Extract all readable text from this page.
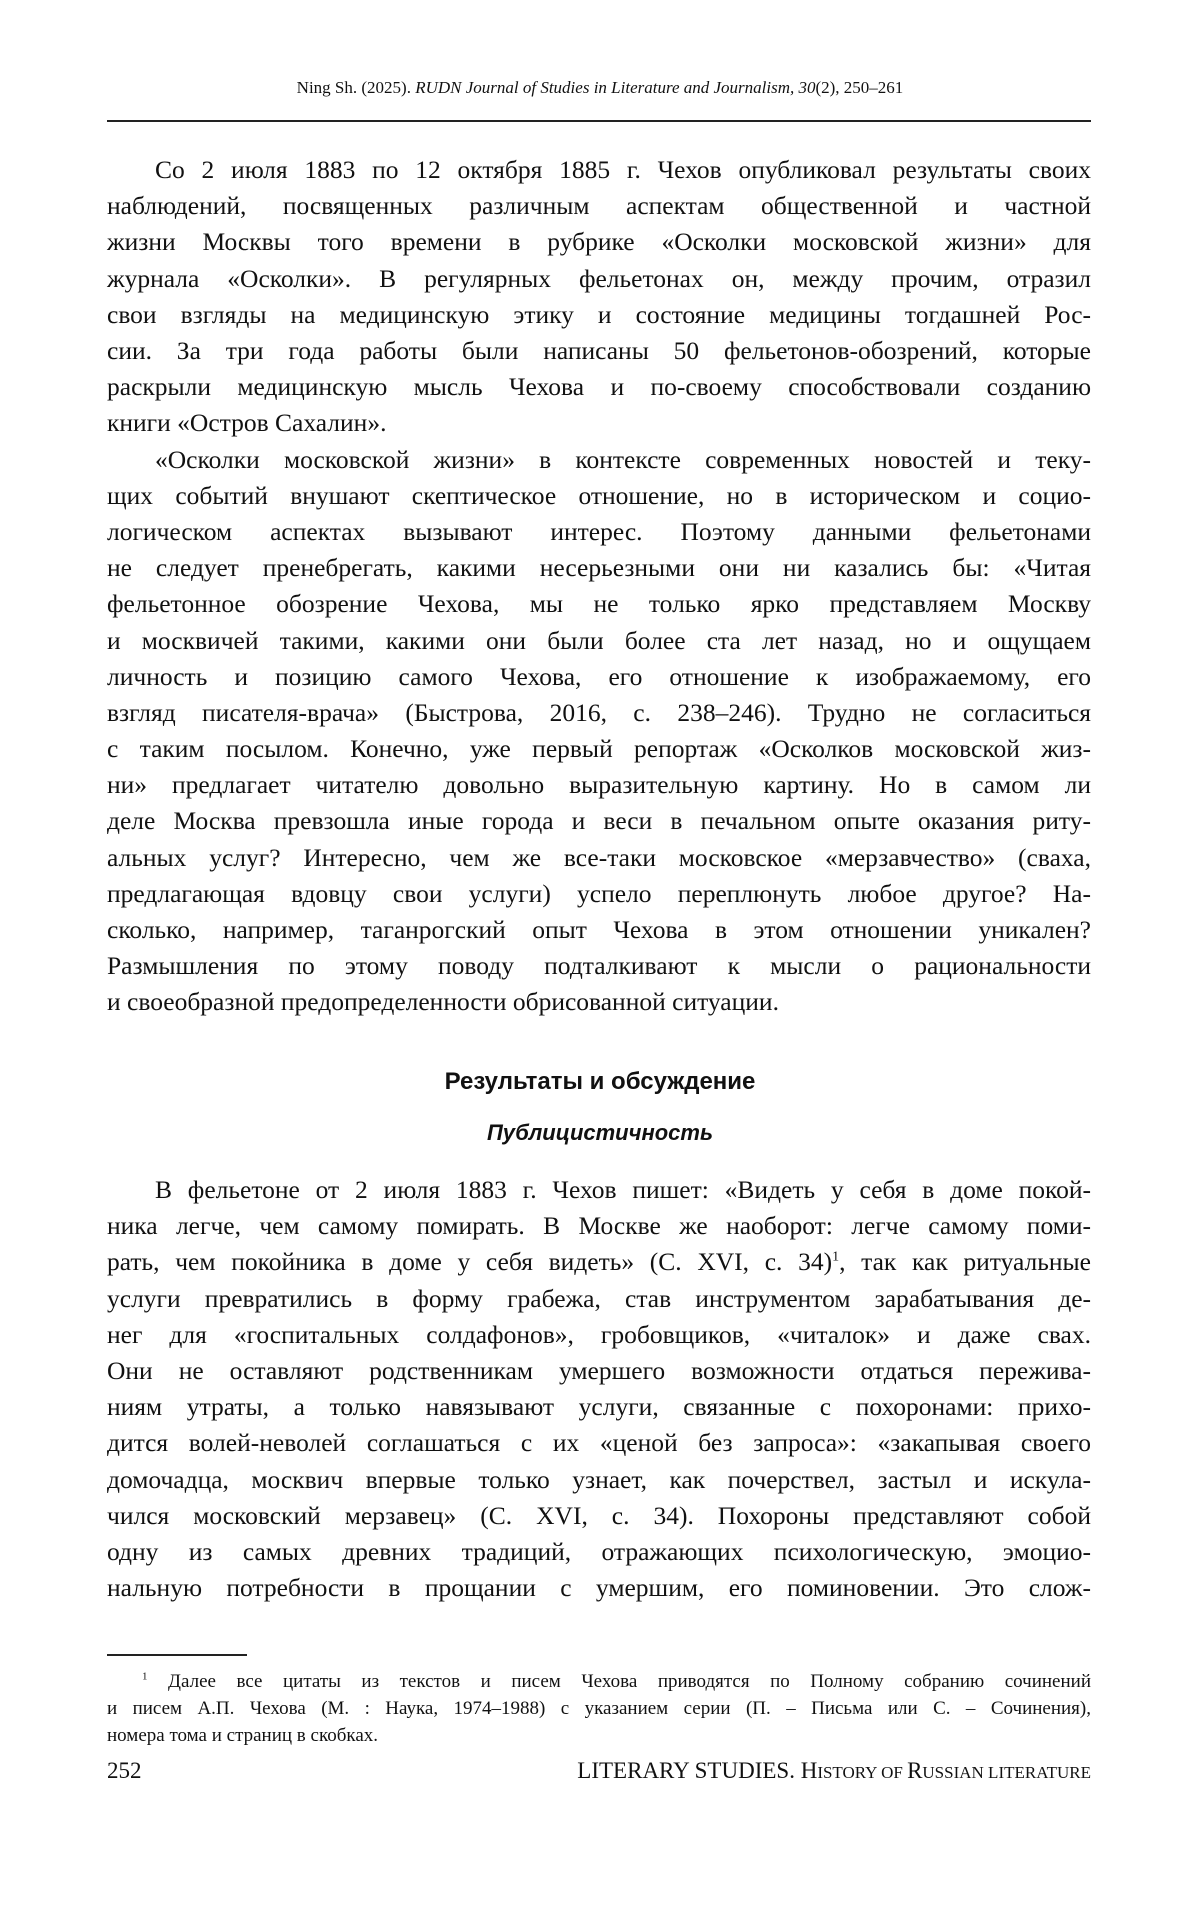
Ning Sh. (2025). RUDN Journal of Studies in Literature and Journalism, 30(2), 250–261
Со 2 июля 1883 по 12 октября 1885 г. Чехов опубликовал результаты своих
наблюдений, посвященных различным аспектам общественной и частной
жизни Москвы того времени в рубрике «Осколки московской жизни» для
журнала «Осколки». В регулярных фельетонах он, между прочим, отразил
свои взгляды на медицинскую этику и состояние медицины тогдашней Рос-
сии. За три года работы были написаны 50 фельетонов-обозрений, которые
раскрыли медицинскую мысль Чехова и по-своему способствовали созданию
книги «Остров Сахалин».
«Осколки московской жизни» в контексте современных новостей и теку-
щих событий внушают скептическое отношение, но в историческом и социо-
логическом аспектах вызывают интерес. Поэтому данными фельетонами
не следует пренебрегать, какими несерьезными они ни казались бы: «Читая
фельетонное обозрение Чехова, мы не только ярко представляем Москву
и москвичей такими, какими они были более ста лет назад, но и ощущаем
личность и позицию самого Чехова, его отношение к изображаемому, его
взгляд писателя-врача» (Быстрова, 2016, с. 238–246). Трудно не согласиться
с таким посылом. Конечно, уже первый репортаж «Осколков московской жиз-
ни» предлагает читателю довольно выразительную картину. Но в самом ли
деле Москва превзошла иные города и веси в печальном опыте оказания риту-
альных услуг? Интересно, чем же все-таки московское «мерзавчество» (сваха,
предлагающая вдовцу свои услуги) успело переплюнуть любое другое? На-
сколько, например, таганрогский опыт Чехова в этом отношении уникален?
Размышления по этому поводу подталкивают к мысли о рациональности
и своеобразной предопределенности обрисованной ситуации.
Результаты и обсуждение
Публицистичность
В фельетоне от 2 июля 1883 г. Чехов пишет: «Видеть у себя в доме покой-
ника легче, чем самому помирать. В Москве же наоборот: легче самому поми-
рать, чем покойника в доме у себя видеть» (С. XVI, с. 34)1, так как ритуальные
услуги превратились в форму грабежа, став инструментом зарабатывания де-
нег для «госпитальных солдафонов», гробовщиков, «читалок» и даже свах.
Они не оставляют родственникам умершего возможности отдаться пережива-
ниям утраты, а только навязывают услуги, связанные с похоронами: прихо-
дится волей-неволей соглашаться с их «ценой без запроса»: «закапывая своего
домочадца, москвич впервые только узнает, как почерствел, застыл и искула-
чился московский мерзавец» (С. XVI, с. 34). Похороны представляют собой
одну из самых древних традиций, отражающих психологическую, эмоцио-
нальную потребности в прощании с умершим, его поминовении. Это слож-
1 Далее все цитаты из текстов и писем Чехова приводятся по Полному собранию сочинений
и писем А.П. Чехова (М. : Наука, 1974–1988) с указанием серии (П. – Письма или С. – Сочинения),
номера тома и страниц в скобках.
252	LITERARY STUDIES. HISTORY OF RUSSIAN LITERATURE
